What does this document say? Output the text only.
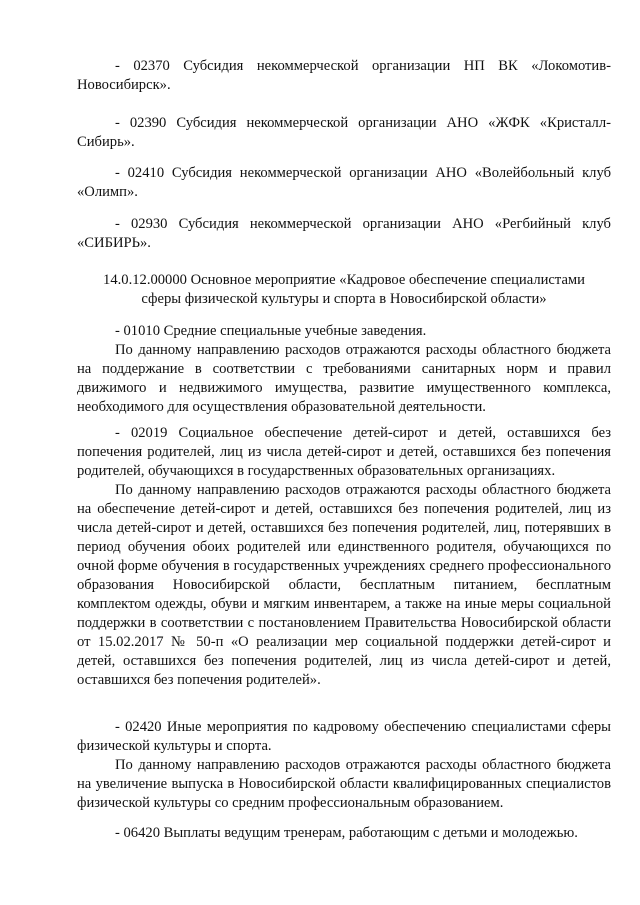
- 02370 Субсидия некоммерческой организации НП ВК «Локомотив-Новосибирск».

- 02390 Субсидия некоммерческой организации АНО «ЖФК «Кристалл-Сибирь».

- 02410 Субсидия некоммерческой организации АНО «Волейбольный клуб «Олимп».

- 02930 Субсидия некоммерческой организации АНО «Регбийный клуб «СИБИРЬ».

14.0.12.00000 Основное мероприятие «Кадровое обеспечение специалистами сферы физической культуры и спорта в Новосибирской области»

- 01010 Средние специальные учебные заведения.

По данному направлению расходов отражаются расходы областного бюджета на поддержание в соответствии с требованиями санитарных норм и правил движимого и недвижимого имущества, развитие имущественного комплекса, необходимого для осуществления образовательной деятельности.

- 02019 Социальное обеспечение детей-сирот и детей, оставшихся без попечения родителей, лиц из числа детей-сирот и детей, оставшихся без попечения родителей, обучающихся в государственных образовательных организациях.

По данному направлению расходов отражаются расходы областного бюджета на обеспечение детей-сирот и детей, оставшихся без попечения родителей, лиц из числа детей-сирот и детей, оставшихся без попечения родителей, лиц, потерявших в период обучения обоих родителей или единственного родителя, обучающихся по очной форме обучения в государственных учреждениях среднего профессионального образования Новосибирской области, бесплатным питанием, бесплатным комплектом одежды, обуви и мягким инвентарем, а также на иные меры социальной поддержки в соответствии с постановлением Правительства Новосибирской области от 15.02.2017 № 50-п «О реализации мер социальной поддержки детей-сирот и детей, оставшихся без попечения родителей, лиц из числа детей-сирот и детей, оставшихся без попечения родителей».

- 02420 Иные мероприятия по кадровому обеспечению специалистами сферы физической культуры и спорта.

По данному направлению расходов отражаются расходы областного бюджета на увеличение выпуска в Новосибирской области квалифицированных специалистов физической культуры со средним профессиональным образованием.

- 06420 Выплаты ведущим тренерам, работающим с детьми и молодежью.
